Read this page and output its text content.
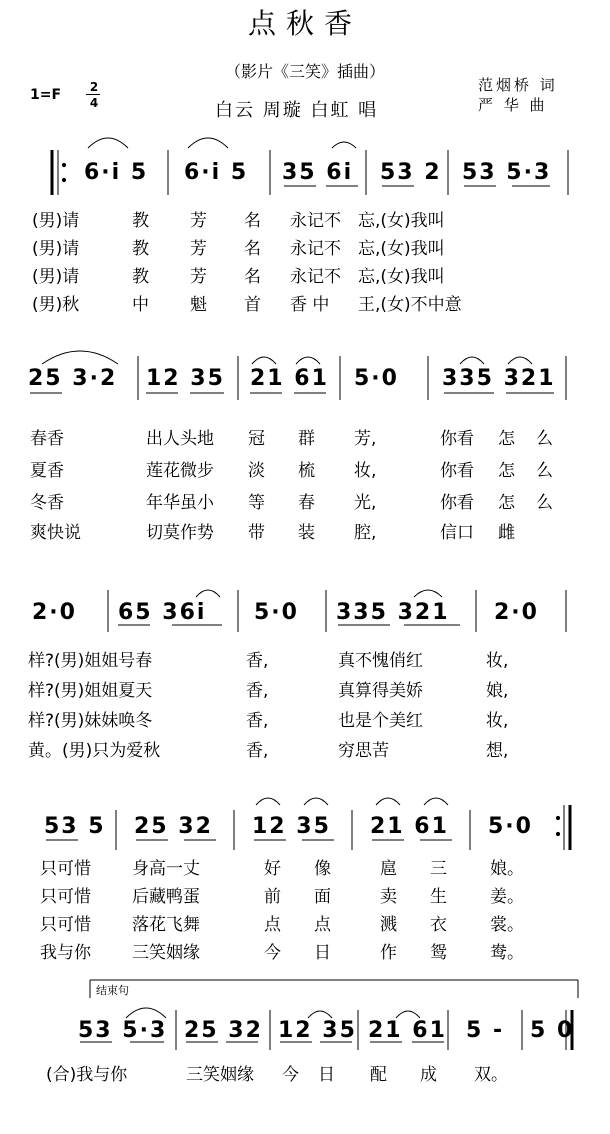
点秋香
（影片《三笑》插曲）
白云 周璇 白虹 唱
范烟桥 词
严 华 曲
1=F 2
4
结束句
6·i 5 6·i 5 35 6i 53 2 53 5·3
(男)请	教 芳 名 永记不 忘,(女)我叫
(男)请	教 芳 名 永记不 忘,(女)我叫
(男)请	教 芳 名 永记不 忘,(女)我叫
(男)秋	中 魁 首 香 中 王,(女)不中意
25 3·2 12 35 21 61 5·0 335 321
春香	出人头地 冠 群 芳,	你看 怎 么
夏香	莲花微步 淡 梳 妆,	你看 怎 么
冬香	年华虽小 等 春 光,	你看 怎 么
爽快说	切莫作势 带 装 腔,	信口 雌
2·0 65 36i 5·0 335 321 2·0
样?(男)姐姐号春	香,	真不愧俏红	妆,
样?(男)姐姐夏天	香,	真算得美娇	娘,
样?(男)妹妹唤冬	香,	也是个美红	妆,
黄。(男)只为爱秋	香,	穷思苦	想,
53 5 25 32 12 35 21 61 5·0
只可惜 身高一丈	好 像	扈 三	娘。
只可惜 后藏鸭蛋	前 面	卖 生	姜。
只可惜 落花飞舞	点 点	溅 衣	裳。
我与你 三笑姻缘	今 日	作 鸳	鸯。
53 5·3 25 32 12 35 21 61 5 - 5 0
(合)我与你	三笑姻缘 今 日 配 成 双。
